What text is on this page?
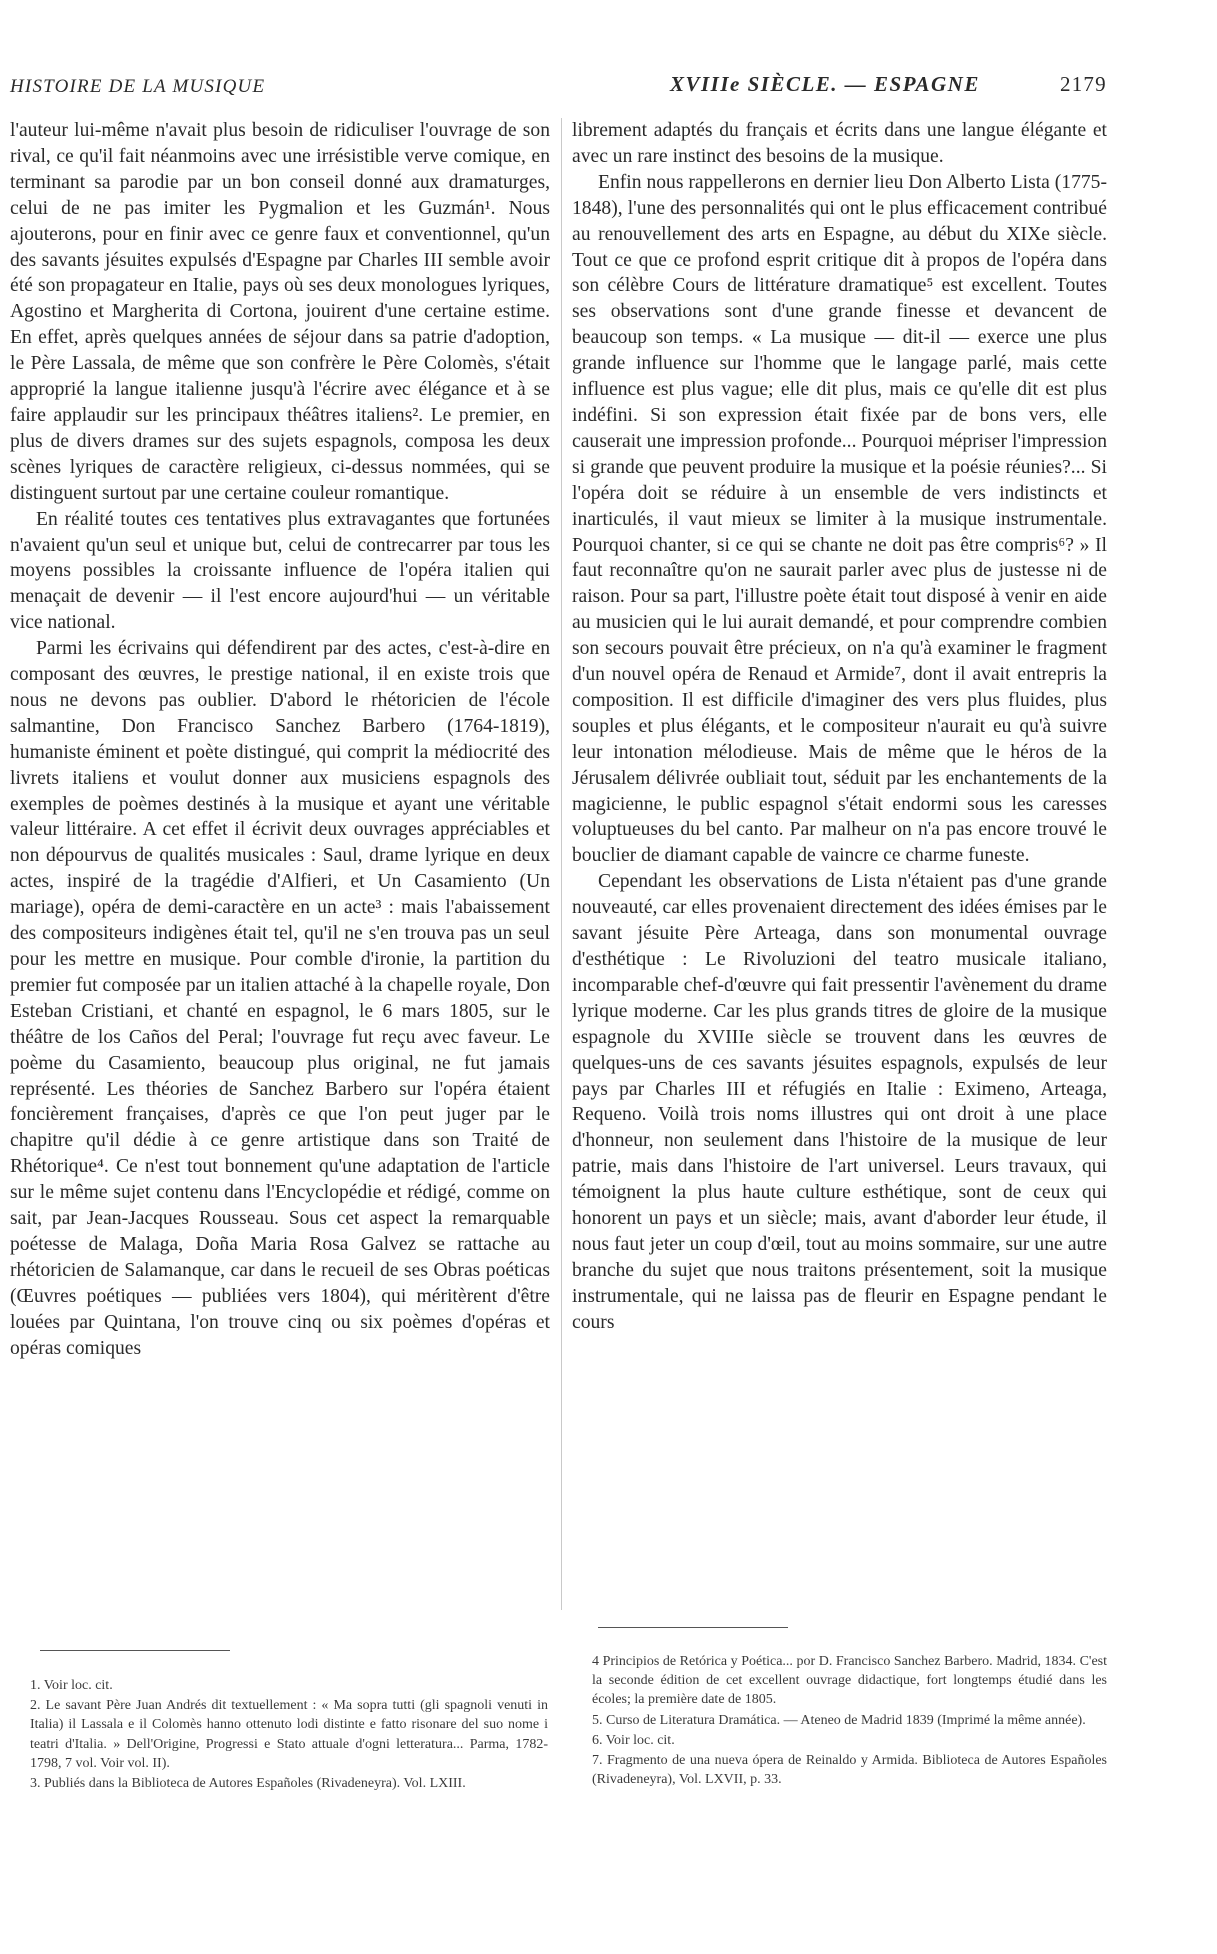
HISTOIRE DE LA MUSIQUE	XVIIIe SIÈCLE. — ESPAGNE	2179

l'auteur lui-même n'avait plus besoin de ridiculiser l'ouvrage de son rival, ce qu'il fait néanmoins avec une irrésistible verve comique, en terminant sa parodie par un bon conseil donné aux dramaturges, celui de ne pas imiter les Pygmalion et les Guzmán¹. Nous ajouterons, pour en finir avec ce genre faux et conventionnel, qu'un des savants jésuites expulsés d'Espagne par Charles III semble avoir été son propagateur en Italie, pays où ses deux monologues lyriques, Agostino et Margherita di Cortona, jouirent d'une certaine estime. En effet, après quelques années de séjour dans sa patrie d'adoption, le Père Lassala, de même que son confrère le Père Colomès, s'était approprié la langue italienne jusqu'à l'écrire avec élégance et à se faire applaudir sur les principaux théâtres italiens². Le premier, en plus de divers drames sur des sujets espagnols, composa les deux scènes lyriques de caractère religieux, ci-dessus nommées, qui se distinguent surtout par une certaine couleur romantique.

En réalité toutes ces tentatives plus extravagantes que fortunées n'avaient qu'un seul et unique but, celui de contrecarrer par tous les moyens possibles la croissante influence de l'opéra italien qui menaçait de devenir — il l'est encore aujourd'hui — un véritable vice national.

Parmi les écrivains qui défendirent par des actes, c'est-à-dire en composant des œuvres, le prestige national, il en existe trois que nous ne devons pas oublier. D'abord le rhétoricien de l'école salmantine, Don Francisco Sanchez Barbero (1764-1819), humaniste éminent et poète distingué, qui comprit la médiocrité des livrets italiens et voulut donner aux musiciens espagnols des exemples de poèmes destinés à la musique et ayant une véritable valeur littéraire. A cet effet il écrivit deux ouvrages appréciables et non dépourvus de qualités musicales : Saul, drame lyrique en deux actes, inspiré de la tragédie d'Alfieri, et Un Casamiento (Un mariage), opéra de demi-caractère en un acte³ : mais l'abaissement des compositeurs indigènes était tel, qu'il ne s'en trouva pas un seul pour les mettre en musique. Pour comble d'ironie, la partition du premier fut composée par un italien attaché à la chapelle royale, Don Esteban Cristiani, et chanté en espagnol, le 6 mars 1805, sur le théâtre de los Caños del Peral; l'ouvrage fut reçu avec faveur. Le poème du Casamiento, beaucoup plus original, ne fut jamais représenté. Les théories de Sanchez Barbero sur l'opéra étaient foncièrement françaises, d'après ce que l'on peut juger par le chapitre qu'il dédie à ce genre artistique dans son Traité de Rhétorique⁴. Ce n'est tout bonnement qu'une adaptation de l'article sur le même sujet contenu dans l'Encyclopédie et rédigé, comme on sait, par Jean-Jacques Rousseau. Sous cet aspect la remarquable poétesse de Malaga, Doña Maria Rosa Galvez se rattache au rhétoricien de Salamanque, car dans le recueil de ses Obras poéticas (Œuvres poétiques — publiées vers 1804), qui méritèrent d'être louées par Quintana, l'on trouve cinq ou six poèmes d'opéras et opéras comiques

librement adaptés du français et écrits dans une langue élégante et avec un rare instinct des besoins de la musique.

Enfin nous rappellerons en dernier lieu Don Alberto Lista (1775-1848), l'une des personnalités qui ont le plus efficacement contribué au renouvellement des arts en Espagne, au début du XIXe siècle. Tout ce que ce profond esprit critique dit à propos de l'opéra dans son célèbre Cours de littérature dramatique⁵ est excellent. Toutes ses observations sont d'une grande finesse et devancent de beaucoup son temps. « La musique — dit-il — exerce une plus grande influence sur l'homme que le langage parlé, mais cette influence est plus vague; elle dit plus, mais ce qu'elle dit est plus indéfini. Si son expression était fixée par de bons vers, elle causerait une impression profonde... Pourquoi mépriser l'impression si grande que peuvent produire la musique et la poésie réunies?... Si l'opéra doit se réduire à un ensemble de vers indistincts et inarticulés, il vaut mieux se limiter à la musique instrumentale. Pourquoi chanter, si ce qui se chante ne doit pas être compris⁶? » Il faut reconnaître qu'on ne saurait parler avec plus de justesse ni de raison. Pour sa part, l'illustre poète était tout disposé à venir en aide au musicien qui le lui aurait demandé, et pour comprendre combien son secours pouvait être précieux, on n'a qu'à examiner le fragment d'un nouvel opéra de Renaud et Armide⁷, dont il avait entrepris la composition. Il est difficile d'imaginer des vers plus fluides, plus souples et plus élégants, et le compositeur n'aurait eu qu'à suivre leur intonation mélodieuse. Mais de même que le héros de la Jérusalem délivrée oubliait tout, séduit par les enchantements de la magicienne, le public espagnol s'était endormi sous les caresses voluptueuses du bel canto. Par malheur on n'a pas encore trouvé le bouclier de diamant capable de vaincre ce charme funeste.

Cependant les observations de Lista n'étaient pas d'une grande nouveauté, car elles provenaient directement des idées émises par le savant jésuite Père Arteaga, dans son monumental ouvrage d'esthétique : Le Rivoluzioni del teatro musicale italiano, incomparable chef-d'œuvre qui fait pressentir l'avènement du drame lyrique moderne. Car les plus grands titres de gloire de la musique espagnole du XVIIIe siècle se trouvent dans les œuvres de quelques-uns de ces savants jésuites espagnols, expulsés de leur pays par Charles III et réfugiés en Italie : Eximeno, Arteaga, Requeno. Voilà trois noms illustres qui ont droit à une place d'honneur, non seulement dans l'histoire de la musique de leur patrie, mais dans l'histoire de l'art universel. Leurs travaux, qui témoignent la plus haute culture esthétique, sont de ceux qui honorent un pays et un siècle; mais, avant d'aborder leur étude, il nous faut jeter un coup d'œil, tout au moins sommaire, sur une autre branche du sujet que nous traitons présentement, soit la musique instrumentale, qui ne laissa pas de fleurir en Espagne pendant le cours

1. Voir loc. cit.

2. Le savant Père Juan Andrés dit textuellement : « Ma sopra tutti (gli spagnoli venuti in Italia) il Lassala e il Colomès hanno ottenuto lodi distinte e fatto risonare del suo nome i teatri d'Italia. » Dell'Origine, Progressi e Stato attuale d'ogni letteratura... Parma, 1782-1798, 7 vol. Voir vol. II).

3. Publiés dans la Biblioteca de Autores Españoles (Rivadeneyra). Vol. LXIII.

4 Principios de Retórica y Poética... por D. Francisco Sanchez Barbero. Madrid, 1834. C'est la seconde édition de cet excellent ouvrage didactique, fort longtemps étudié dans les écoles; la première date de 1805.

5. Curso de Literatura Dramática. — Ateneo de Madrid 1839 (Imprimé la même année).

6. Voir loc. cit.

7. Fragmento de una nueva ópera de Reinaldo y Armida. Biblioteca de Autores Españoles (Rivadeneyra), Vol. LXVII, p. 33.
